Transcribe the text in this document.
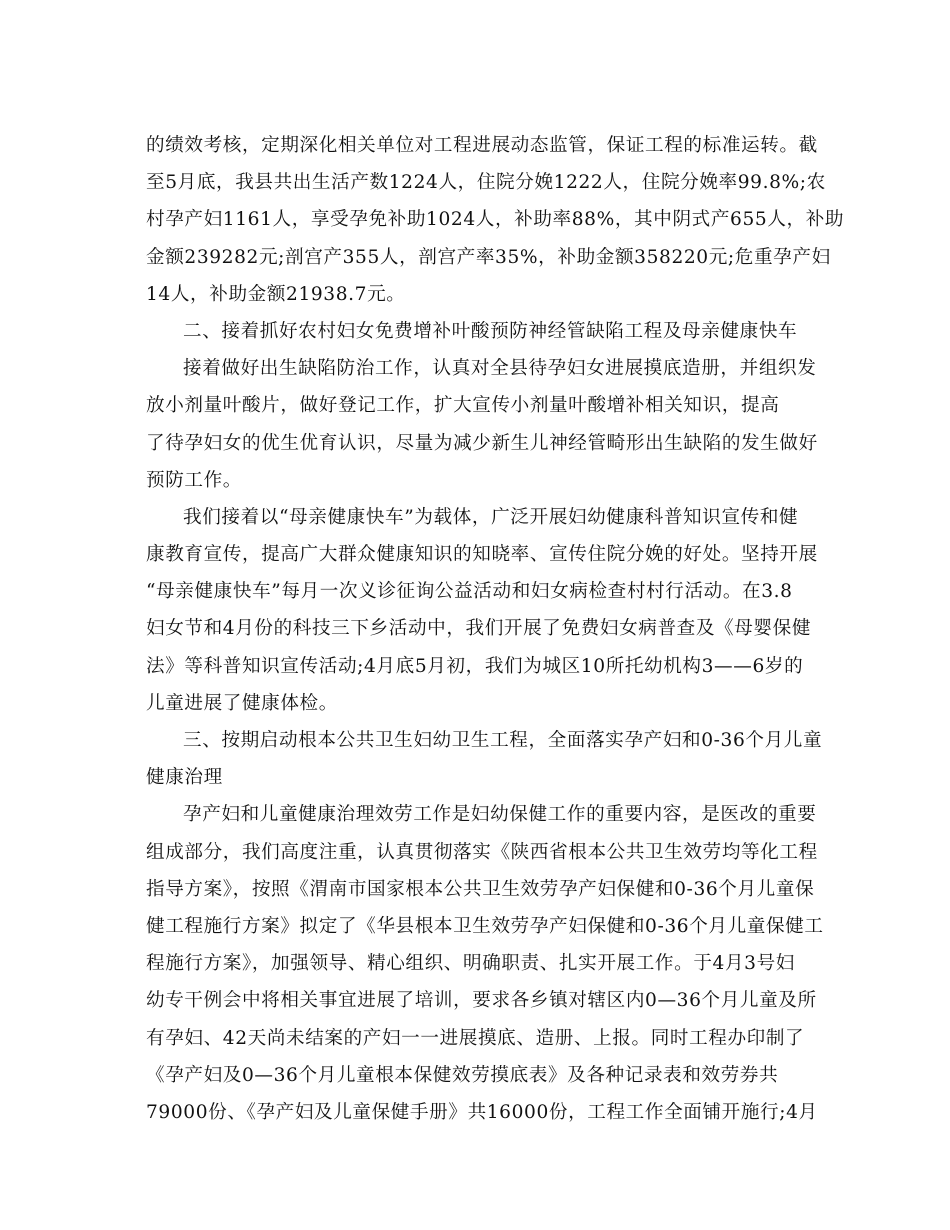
的绩效考核，定期深化相关单位对工程进展动态监管，保证工程的标准运转。截
至5月底，我县共出生活产数1224人，住院分娩1222人，住院分娩率99.8%;农
村孕产妇1161人，享受孕免补助1024人，补助率88%，其中阴式产655人，补助
金额239282元;剖宫产355人，剖宫产率35%，补助金额358220元;危重孕产妇
14人，补助金额21938.7元。
二、接着抓好农村妇女免费增补叶酸预防神经管缺陷工程及母亲健康快车
接着做好出生缺陷防治工作，认真对全县待孕妇女进展摸底造册，并组织发
放小剂量叶酸片，做好登记工作，扩大宣传小剂量叶酸增补相关知识，提高
了待孕妇女的优生优育认识，尽量为减少新生儿神经管畸形出生缺陷的发生做好
预防工作。
我们接着以“母亲健康快车”为载体，广泛开展妇幼健康科普知识宣传和健
康教育宣传，提高广大群众健康知识的知晓率、宣传住院分娩的好处。坚持开展
“母亲健康快车”每月一次义诊征询公益活动和妇女病检查村村行活动。在3.8
妇女节和4月份的科技三下乡活动中，我们开展了免费妇女病普查及《母婴保健
法》等科普知识宣传活动;4月底5月初，我们为城区10所托幼机构3——6岁的
儿童进展了健康体检。
三、按期启动根本公共卫生妇幼卫生工程，全面落实孕产妇和0-36个月儿童
健康治理
孕产妇和儿童健康治理效劳工作是妇幼保健工作的重要内容，是医改的重要
组成部分，我们高度注重，认真贯彻落实《陕西省根本公共卫生效劳均等化工程
指导方案》，按照《渭南市国家根本公共卫生效劳孕产妇保健和0-36个月儿童保
健工程施行方案》拟定了《华县根本卫生效劳孕产妇保健和0-36个月儿童保健工
程施行方案》，加强领导、精心组织、明确职责、扎实开展工作。于4月3号妇
幼专干例会中将相关事宜进展了培训，要求各乡镇对辖区内0—36个月儿童及所
有孕妇、42天尚未结案的产妇一一进展摸底、造册、上报。同时工程办印制了
《孕产妇及0—36个月儿童根本保健效劳摸底表》及各种记录表和效劳券共
79000份、《孕产妇及儿童保健手册》共16000份，工程工作全面铺开施行;4月
